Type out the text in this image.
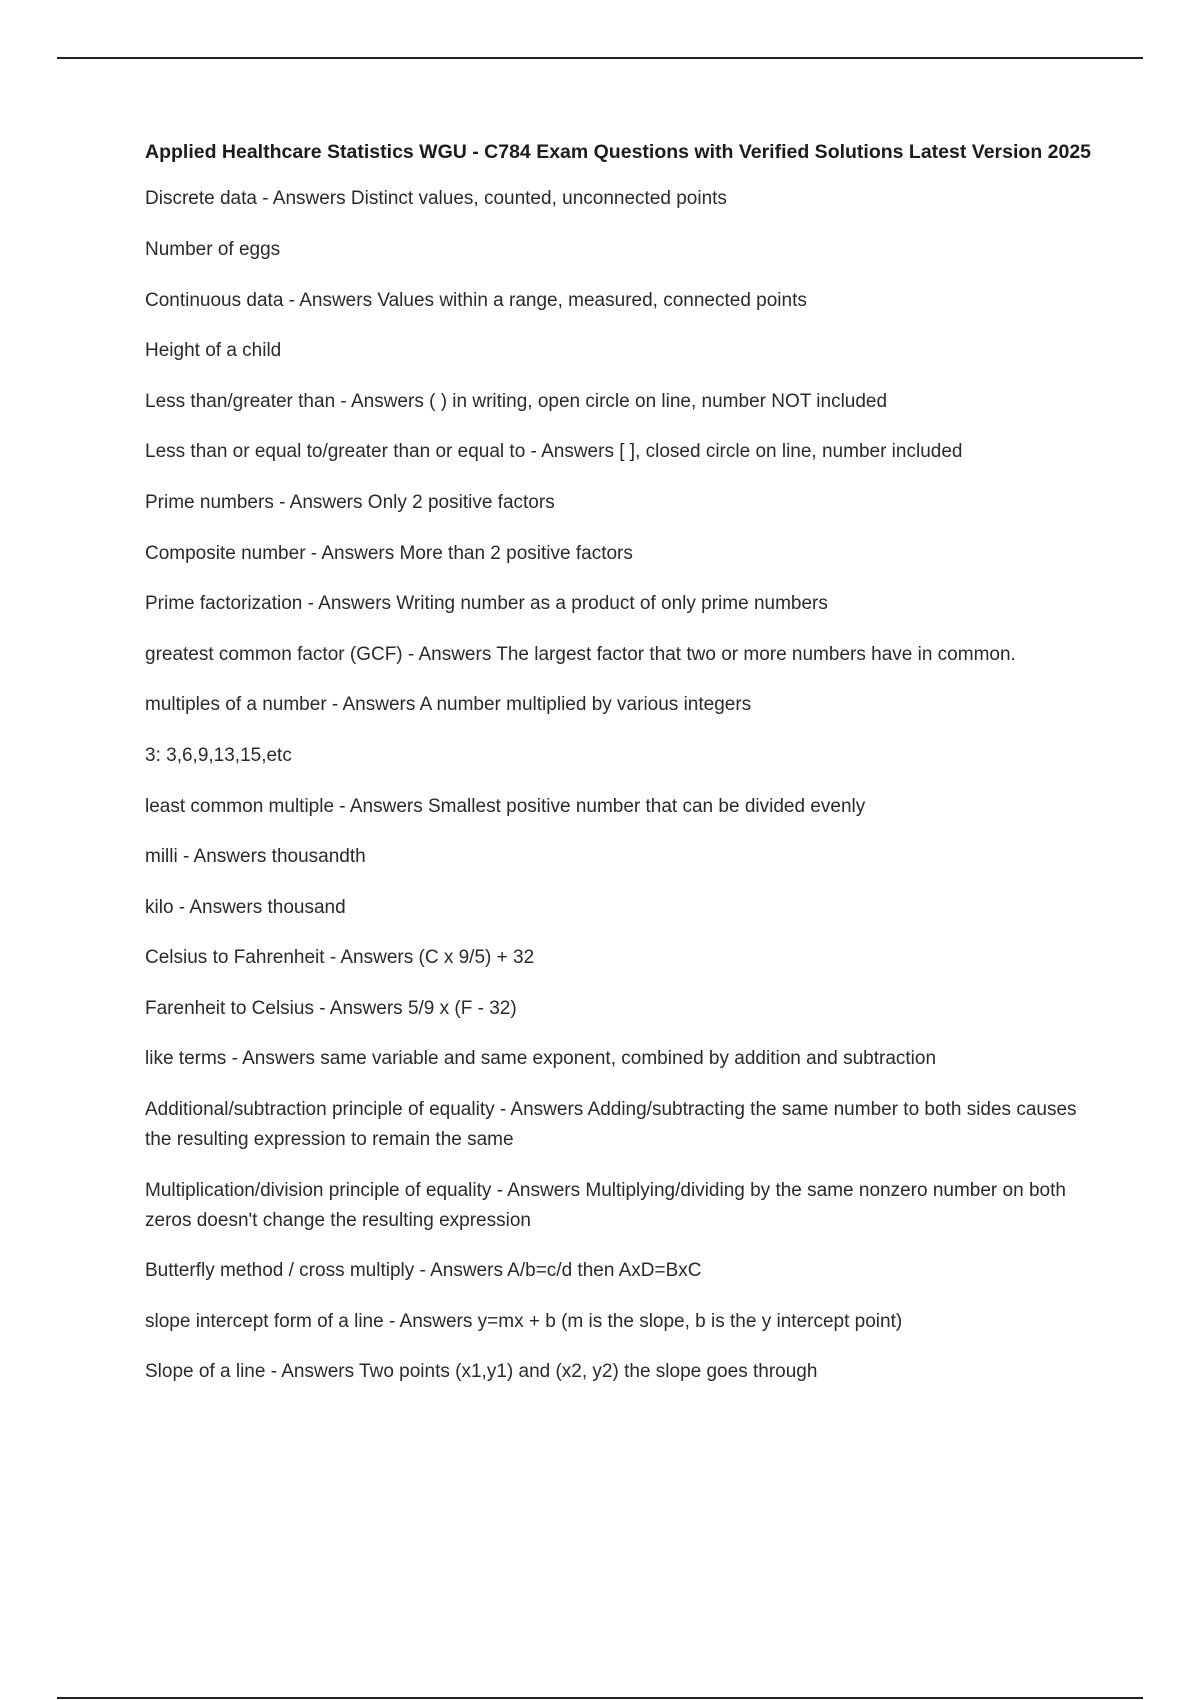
Applied Healthcare Statistics WGU - C784 Exam Questions with Verified Solutions Latest Version 2025
Discrete data - Answers Distinct values, counted, unconnected points
Number of eggs
Continuous data - Answers Values within a range, measured, connected points
Height of a child
Less than/greater than - Answers ( ) in writing, open circle on line, number NOT included
Less than or equal to/greater than or equal to - Answers [ ], closed circle on line, number included
Prime numbers - Answers Only 2 positive factors
Composite number - Answers More than 2 positive factors
Prime factorization - Answers Writing number as a product of only prime numbers
greatest common factor (GCF) - Answers The largest factor that two or more numbers have in common.
multiples of a number - Answers A number multiplied by various integers
3: 3,6,9,13,15,etc
least common multiple - Answers Smallest positive number that can be divided evenly
milli - Answers thousandth
kilo - Answers thousand
Celsius to Fahrenheit - Answers (C x 9/5) + 32
Farenheit to Celsius - Answers 5/9 x (F - 32)
like terms - Answers same variable and same exponent, combined by addition and subtraction
Additional/subtraction principle of equality - Answers Adding/subtracting the same number to both sides causes the resulting expression to remain the same
Multiplication/division principle of equality - Answers Multiplying/dividing by the same nonzero number on both zeros doesn't change the resulting expression
Butterfly method / cross multiply - Answers A/b=c/d then AxD=BxC
slope intercept form of a line - Answers y=mx + b (m is the slope, b is the y intercept point)
Slope of a line - Answers Two points (x1,y1) and (x2, y2) the slope goes through
